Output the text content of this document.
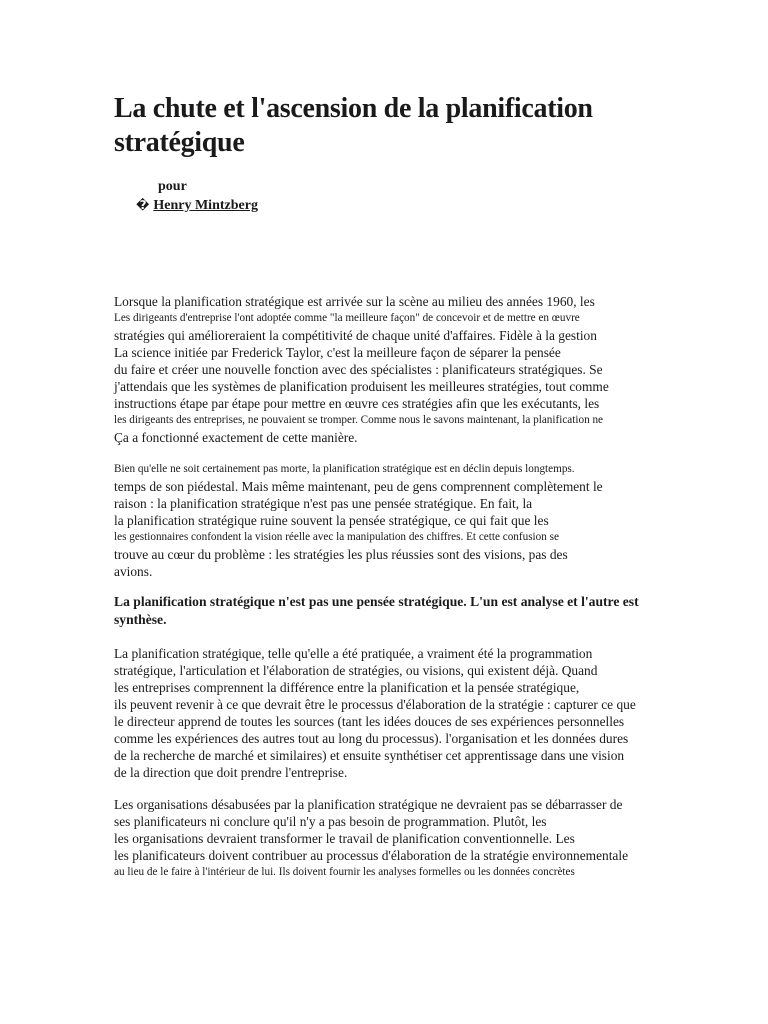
La chute et l'ascension de la planification
stratégique
pour
� Henry Mintzberg
Lorsque la planification stratégique est arrivée sur la scène au milieu des années 1960, les
Les dirigeants d'entreprise l'ont adoptée comme "la meilleure façon" de concevoir et de mettre en œuvre
stratégies qui amélioreraient la compétitivité de chaque unité d'affaires. Fidèle à la gestion
La science initiée par Frederick Taylor, c'est la meilleure façon de séparer la pensée
du faire et créer une nouvelle fonction avec des spécialistes : planificateurs stratégiques. Se
j'attendais que les systèmes de planification produisent les meilleures stratégies, tout comme
instructions étape par étape pour mettre en œuvre ces stratégies afin que les exécutants, les
les dirigeants des entreprises, ne pouvaient se tromper. Comme nous le savons maintenant, la planification ne
Ça a fonctionné exactement de cette manière.
Bien qu'elle ne soit certainement pas morte, la planification stratégique est en déclin depuis longtemps.
temps de son piédestal. Mais même maintenant, peu de gens comprennent complètement le
raison : la planification stratégique n'est pas une pensée stratégique. En fait, la
la planification stratégique ruine souvent la pensée stratégique, ce qui fait que les
les gestionnaires confondent la vision réelle avec la manipulation des chiffres. Et cette confusion se
trouve au cœur du problème : les stratégies les plus réussies sont des visions, pas des
avions.
La planification stratégique n'est pas une pensée stratégique. L'un est analyse et l'autre est
synthèse.
La planification stratégique, telle qu'elle a été pratiquée, a vraiment été la programmation
stratégique, l'articulation et l'élaboration de stratégies, ou visions, qui existent déjà. Quand
les entreprises comprennent la différence entre la planification et la pensée stratégique,
ils peuvent revenir à ce que devrait être le processus d'élaboration de la stratégie : capturer ce que
le directeur apprend de toutes les sources (tant les idées douces de ses expériences personnelles
comme les expériences des autres tout au long du processus). l'organisation et les données dures
de la recherche de marché et similaires) et ensuite synthétiser cet apprentissage dans une vision
de la direction que doit prendre l'entreprise.
Les organisations désabusées par la planification stratégique ne devraient pas se débarrasser de
ses planificateurs ni conclure qu'il n'y a pas besoin de programmation. Plutôt, les
les organisations devraient transformer le travail de planification conventionnelle. Les
les planificateurs doivent contribuer au processus d'élaboration de la stratégie environnementale
au lieu de le faire à l'intérieur de lui. Ils doivent fournir les analyses formelles ou les données concrètes
